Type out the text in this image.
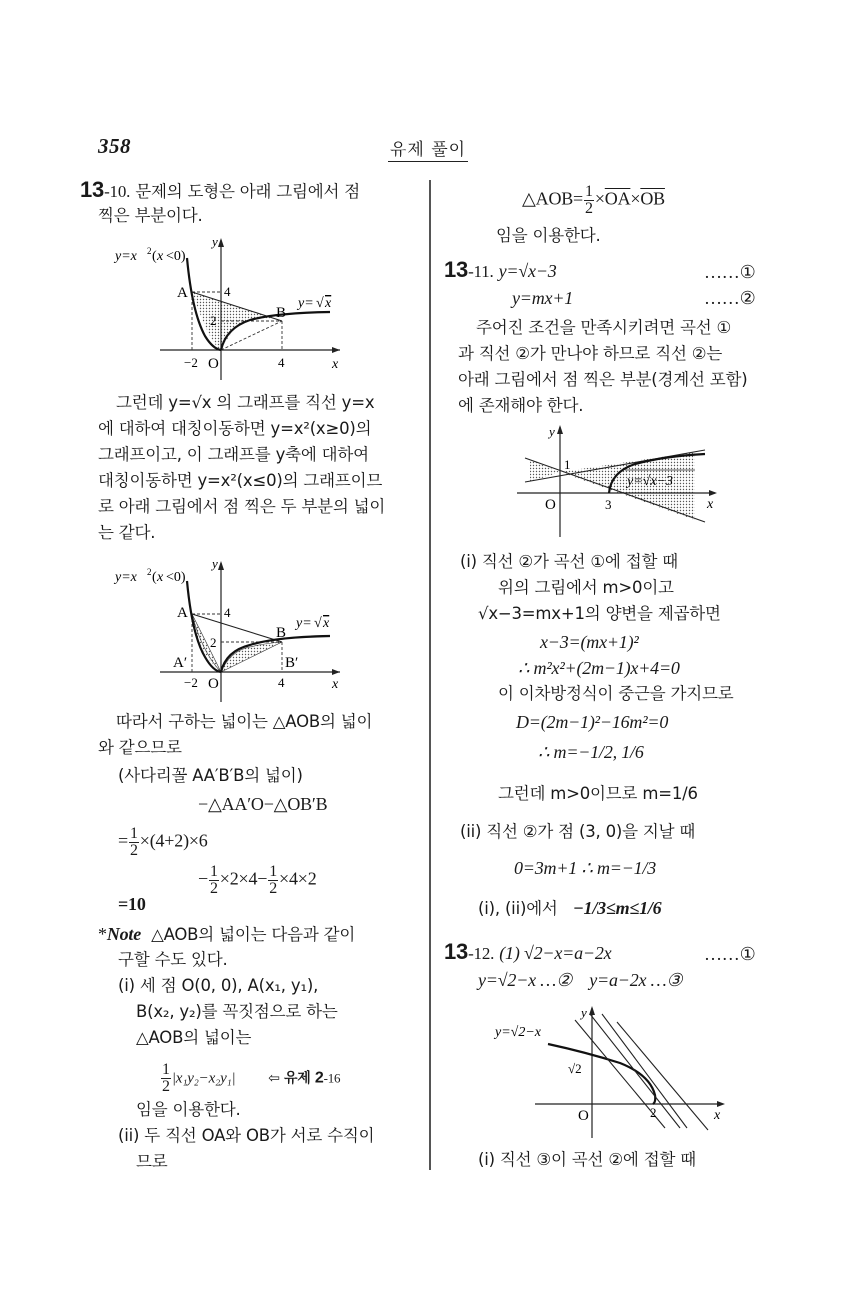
358	유제 풀이
13-10. 문제의 도형은 아래 그림에서 점
찍은 부분이다.
y=x 2 ( x <0)
y
A	4
2	B
y= √ x
−2 O	4	x
그런데 y=√x 의 그래프를 직선 y=x
에 대하여 대칭이동하면 y=x²(x≥0)의
그래프이고, 이 그래프를 y축에 대하여
대칭이동하면 y=x²(x≤0)의 그래프이므
로 아래 그림에서 점 찍은 두 부분의 넓이
는 같다.
y=x 2 ( x <0)
y
A	4
2
B
y= √ x
A′	B′
−2 O	4	x
따라서 구하는 넓이는 △AOB의 넓이
와 같으므로
(사다리꼴 AA′B′B의 넓이)
−△AA′O−△OB′B
= $\frac{1}{2} \times(4+2)\times 6$
− $\frac{1}{2} \times 2\times 4- \frac{1}{2} \times 4\times 2$
=10
*Note △AOB의 넓이는 다음과 같이
구할 수도 있다.
(i) 세 점 O(0, 0), A(x₁, y₁),
B(x₂, y₂)를 꼭짓점으로 하는
△AOB의 넓이는
$\frac{1}{2} |x_1y_2-x_2y_1|$ ⇦ 유제 2-16
임을 이용한다.
(ii) 두 직선 OA와 OB가 서로 수직이
므로
△AOB= $\frac{1}{2} \times\overline{OA}\times\overline{OB}$
임을 이용한다.
13-11. y=√x−3	……①
y=mx+1	……②
주어진 조건을 만족시키려면 곡선 ①
과 직선 ②가 만나야 하므로 직선 ②는
아래 그림에서 점 찍은 부분(경계선 포함)
에 존재해야 한다.
y=√x−3
y
1
O	3	x
(i) 직선 ②가 곡선 ①에 접할 때
위의 그림에서 m>0이고
√x−3=mx+1의 양변을 제곱하면
x−3=(mx+1)²
∴ m²x²+(2m−1)x+4=0
이 이차방정식이 중근을 가지므로
D=(2m−1)²−16m²=0
∴ m=−1/2, 1/6
그런데 m>0이므로 m=1/6
(ii) 직선 ②가 점 (3, 0)을 지날 때
0=3m+1 ∴ m=−1/3
(i), (ii)에서 −1/3≤m≤1/6
13-12. (1) √2−x=a−2x	……①
y=√2−x …② y=a−2x …③
y=√2−x
y
√2
O	2	x
(i) 직선 ③이 곡선 ②에 접할 때
